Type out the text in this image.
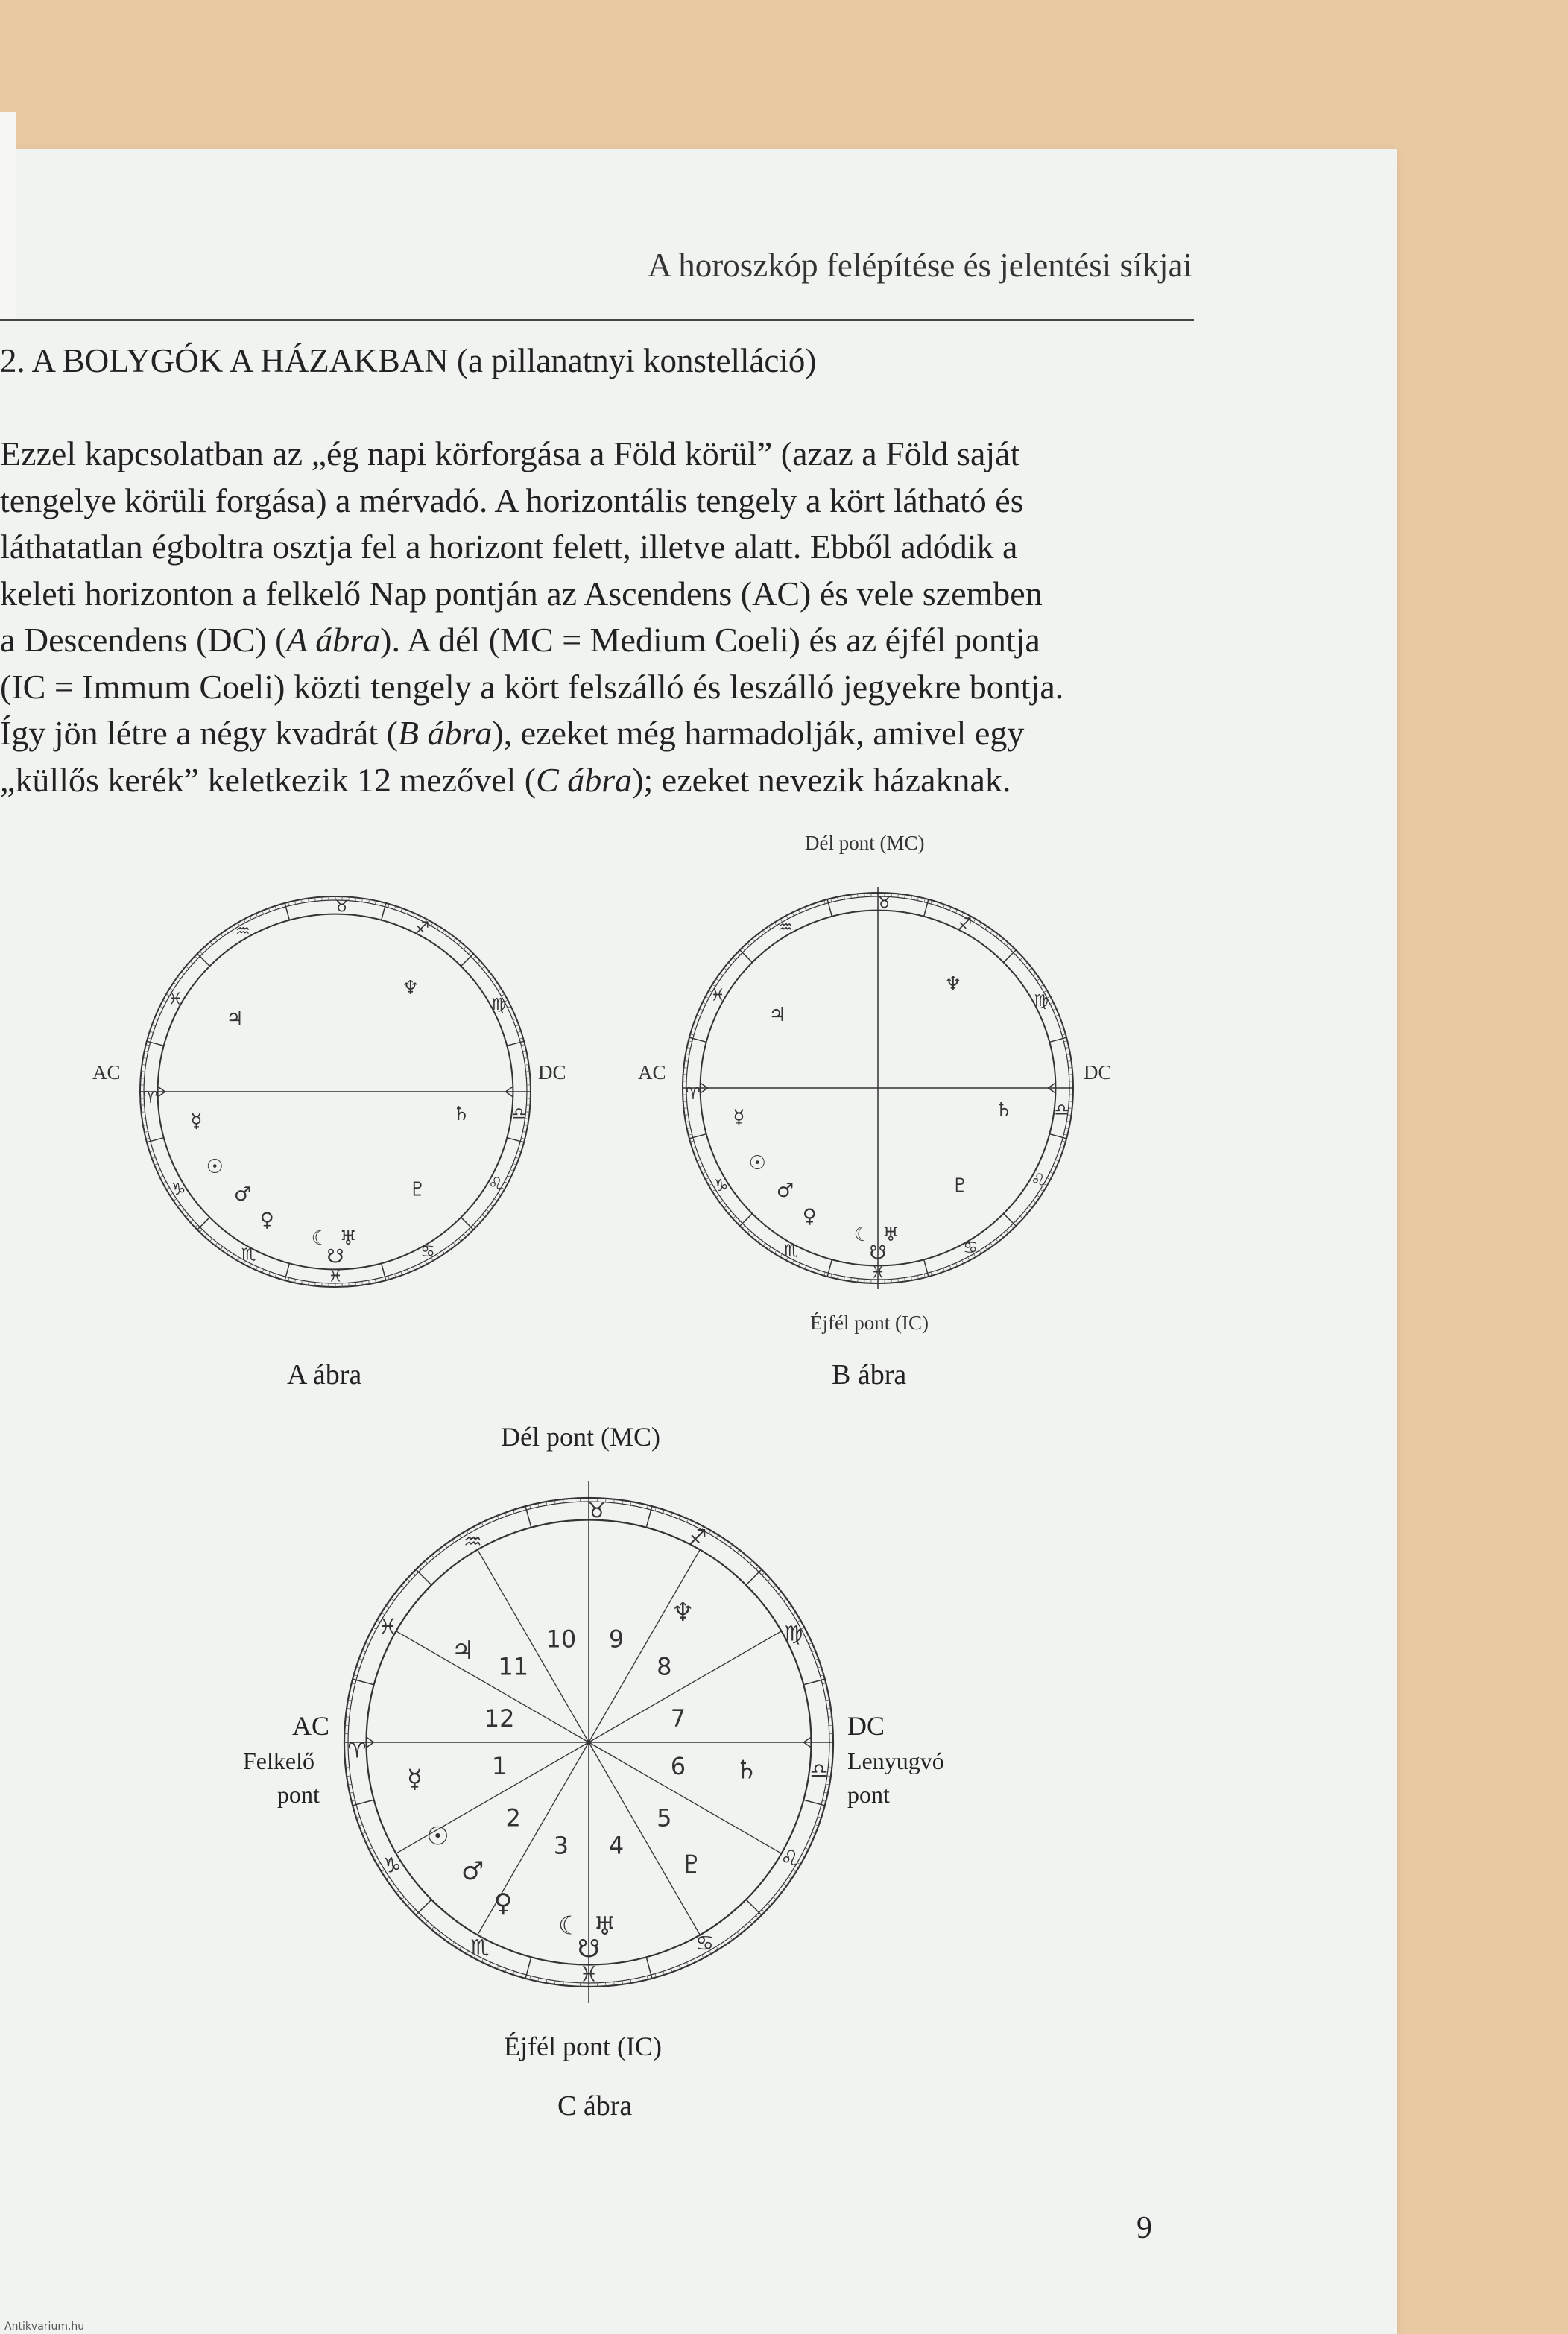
A horoszkóp felépítése és jelentési síkjai
2. A BOLYGÓK A HÁZAKBAN (a pillanatnyi konstelláció)
Ezzel kapcsolatban az „ég napi körforgása a Föld körül” (azaz a Föld saját
tengelye körüli forgása) a mérvadó. A horizontális tengely a kört látható és
láthatatlan égboltra osztja fel a horizont felett, illetve alatt. Ebből adódik a
keleti horizonton a felkelő Nap pontján az Ascendens (AC) és vele szemben
a Descendens (DC) (A ábra). A dél (MC = Medium Coeli) és az éjfél pontja
(IC = Immum Coeli) közti tengely a kört felszálló és leszálló jegyekre bontja.
Így jön létre a négy kvadrát (B ábra), ezeket még harmadolják, amivel egy
„küllős kerék” keletkezik 12 mezővel (C ábra); ezeket nevezik házaknak.
♉
♐
♍
♎
♌
♋
♓
♏
♑
♈
♓
♒
♃
☿
☉
♂
♀
☾ ♅
♇
♄
♆
☋
AC	DC
A ábra
♉
♐
♍
♎
♌
♋
♓
♏
♑
♈
♓
♒
♃
☿
☉
♂
♀
☾ ♅
♇
♄
♆
☋
Dél pont (MC)
Éjfél pont (IC)
AC	DC
B ábra
♉
♐
♍
♎
♌
♋
♓
♏
♑
♈
♓
♒
1
2
3 4
5
6
7
8
9
10
11
12
♃
☿
☉
♂
♀
☾ ♅
♇
♄
♆
☋
Dél pont (MC)
Éjfél pont (IC)
AC
Felkelő
pont
DC
Lenyugvó
pont
C ábra
9
Antikvarium.hu
